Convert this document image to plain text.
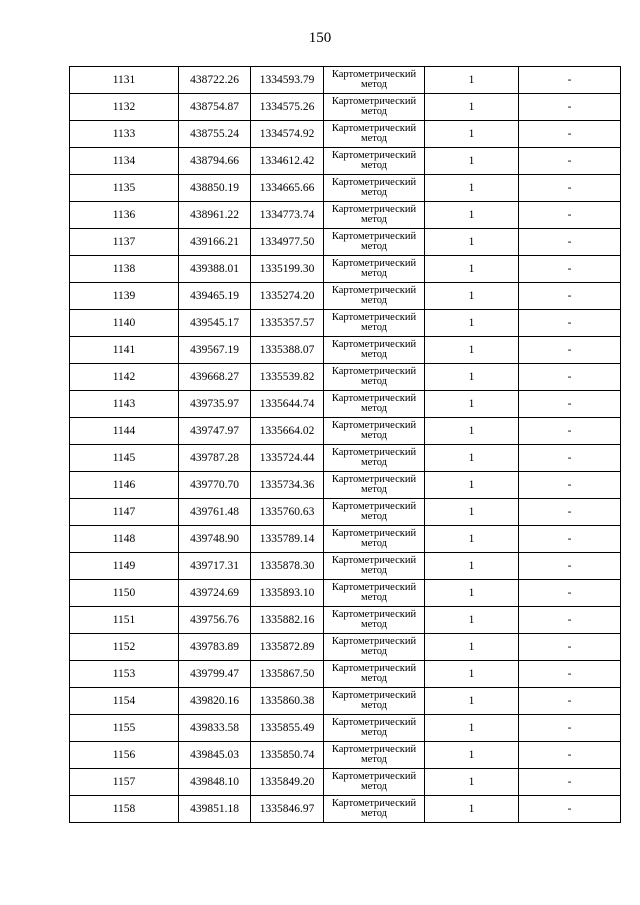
150
1131	438722.26	1334593.79	Картометрический метод	1	-
1132	438754.87	1334575.26	Картометрический метод	1	-
1133	438755.24	1334574.92	Картометрический метод	1	-
1134	438794.66	1334612.42	Картометрический метод	1	-
1135	438850.19	1334665.66	Картометрический метод	1	-
1136	438961.22	1334773.74	Картометрический метод	1	-
1137	439166.21	1334977.50	Картометрический метод	1	-
1138	439388.01	1335199.30	Картометрический метод	1	-
1139	439465.19	1335274.20	Картометрический метод	1	-
1140	439545.17	1335357.57	Картометрический метод	1	-
1141	439567.19	1335388.07	Картометрический метод	1	-
1142	439668.27	1335539.82	Картометрический метод	1	-
1143	439735.97	1335644.74	Картометрический метод	1	-
1144	439747.97	1335664.02	Картометрический метод	1	-
1145	439787.28	1335724.44	Картометрический метод	1	-
1146	439770.70	1335734.36	Картометрический метод	1	-
1147	439761.48	1335760.63	Картометрический метод	1	-
1148	439748.90	1335789.14	Картометрический метод	1	-
1149	439717.31	1335878.30	Картометрический метод	1	-
1150	439724.69	1335893.10	Картометрический метод	1	-
1151	439756.76	1335882.16	Картометрический метод	1	-
1152	439783.89	1335872.89	Картометрический метод	1	-
1153	439799.47	1335867.50	Картометрический метод	1	-
1154	439820.16	1335860.38	Картометрический метод	1	-
1155	439833.58	1335855.49	Картометрический метод	1	-
1156	439845.03	1335850.74	Картометрический метод	1	-
1157	439848.10	1335849.20	Картометрический метод	1	-
1158	439851.18	1335846.97	Картометрический метод	1	-
